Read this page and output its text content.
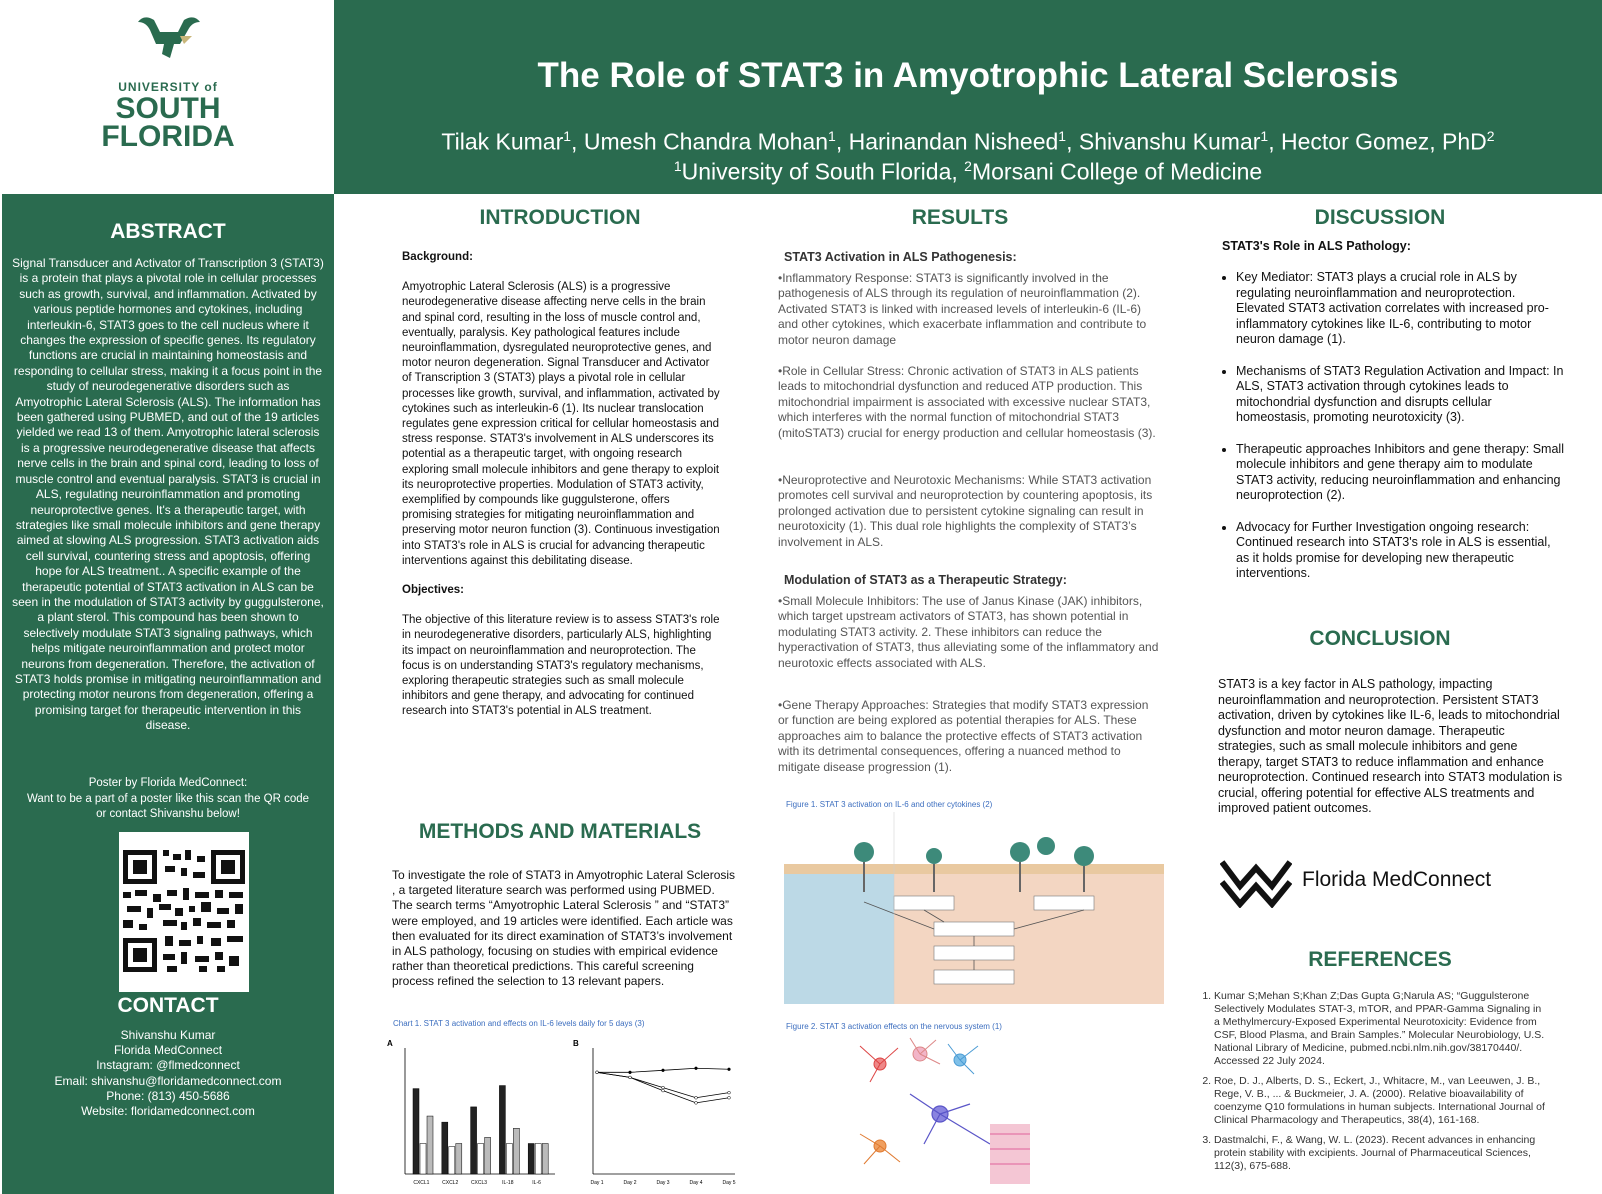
UNIVERSITY of
SOUTH
FLORIDA
The Role of STAT3 in Amyotrophic Lateral Sclerosis
Tilak Kumar$^1$, Umesh Chandra Mohan$^1$, Harinandan Nisheed$^1$, Shivanshu Kumar$^1$, Hector Gomez, PhD$^2$
$^1$University of South Florida, $^2$Morsani College of Medicine
ABSTRACT
Signal Transducer and Activator of Transcription 3 (STAT3) is a protein that plays a pivotal role in cellular processes such as growth, survival, and inflammation. Activated by various peptide hormones and cytokines, including interleukin-6, STAT3 goes to the cell nucleus where it changes the expression of specific genes. Its regulatory functions are crucial in maintaining homeostasis and responding to cellular stress, making it a focus point in the study of neurodegenerative disorders such as Amyotrophic Lateral Sclerosis (ALS). The information has been gathered using PUBMED, and out of the 19 articles yielded we read 13 of them. Amyotrophic lateral sclerosis is a progressive neurodegenerative disease that affects nerve cells in the brain and spinal cord, leading to loss of muscle control and eventual paralysis. STAT3 is crucial in ALS, regulating neuroinflammation and promoting neuroprotective genes. It's a therapeutic target, with strategies like small molecule inhibitors and gene therapy aimed at slowing ALS progression. STAT3 activation aids cell survival, countering stress and apoptosis, offering hope for ALS treatment.. A specific example of the therapeutic potential of STAT3 activation in ALS can be seen in the modulation of STAT3 activity by guggulsterone, a plant sterol. This compound has been shown to selectively modulate STAT3 signaling pathways, which helps mitigate neuroinflammation and protect motor neurons from degeneration. Therefore, the activation of STAT3 holds promise in mitigating neuroinflammation and protecting motor neurons from degeneration, offering a promising target for therapeutic intervention in this disease.
Poster by Florida MedConnect:
Want to be a part of a poster like this scan the QR code or contact Shivanshu below!
CONTACT
Shivanshu Kumar
Florida MedConnect
Instagram: @flmedconnect
Email: shivanshu@floridamedconnect.com
Phone: (813) 450-5686
Website: floridamedconnect.com
INTRODUCTION
Background:
Amyotrophic Lateral Sclerosis (ALS) is a progressive neurodegenerative disease affecting nerve cells in the brain and spinal cord, resulting in the loss of muscle control and, eventually, paralysis. Key pathological features include neuroinflammation, dysregulated neuroprotective genes, and motor neuron degeneration. Signal Transducer and Activator of Transcription 3 (STAT3) plays a pivotal role in cellular processes like growth, survival, and inflammation, activated by cytokines such as interleukin-6 (1). Its nuclear translocation regulates gene expression critical for cellular homeostasis and stress response. STAT3's involvement in ALS underscores its potential as a therapeutic target, with ongoing research exploring small molecule inhibitors and gene therapy to exploit its neuroprotective properties. Modulation of STAT3 activity, exemplified by compounds like guggulsterone, offers promising strategies for mitigating neuroinflammation and preserving motor neuron function (3). Continuous investigation into STAT3's role in ALS is crucial for advancing therapeutic interventions against this debilitating disease.
Objectives:
The objective of this literature review is to assess STAT3's role in neurodegenerative disorders, particularly ALS, highlighting its impact on neuroinflammation and neuroprotection. The focus is on understanding STAT3's regulatory mechanisms, exploring therapeutic strategies such as small molecule inhibitors and gene therapy, and advocating for continued research into STAT3's potential in ALS treatment.
METHODS AND MATERIALS
To investigate the role of STAT3 in Amyotrophic Lateral Sclerosis , a targeted literature search was performed using PUBMED. The search terms “Amyotrophic Lateral Sclerosis ” and “STAT3” were employed, and 19 articles were identified. Each article was then evaluated for its direct examination of STAT3’s involvement in ALS pathology, focusing on studies with empirical evidence rather than theoretical predictions. This careful screening process refined the selection to 13 relevant papers.
Chart 1. STAT 3 activation and effects on IL-6 levels daily for 5 days (3)
A	B
CXCL1	CXCL2	CXCL3	IL-18	IL-6	Day 1	Day 2	Day 3	Day 4	Day 5
RESULTS
STAT3 Activation in ALS Pathogenesis:
•Inflammatory Response: STAT3 is significantly involved in the pathogenesis of ALS through its regulation of neuroinflammation (2). Activated STAT3 is linked with increased levels of interleukin-6 (IL-6) and other cytokines, which exacerbate inflammation and contribute to motor neuron damage
•Role in Cellular Stress: Chronic activation of STAT3 in ALS patients leads to mitochondrial dysfunction and reduced ATP production. This mitochondrial impairment is associated with excessive nuclear STAT3, which interferes with the normal function of mitochondrial STAT3 (mitoSTAT3) crucial for energy production and cellular homeostasis (3).
•Neuroprotective and Neurotoxic Mechanisms: While STAT3 activation promotes cell survival and neuroprotection by countering apoptosis, its prolonged activation due to persistent cytokine signaling can result in neurotoxicity (1). This dual role highlights the complexity of STAT3’s involvement in ALS.
Modulation of STAT3 as a Therapeutic Strategy:
•Small Molecule Inhibitors: The use of Janus Kinase (JAK) inhibitors, which target upstream activators of STAT3, has shown potential in modulating STAT3 activity. 2. These inhibitors can reduce the hyperactivation of STAT3, thus alleviating some of the inflammatory and neurotoxic effects associated with ALS.
•Gene Therapy Approaches: Strategies that modify STAT3 expression or function are being explored as potential therapies for ALS. These approaches aim to balance the protective effects of STAT3 activation with its detrimental consequences, offering a nuanced method to mitigate disease progression (1).
Figure 1. STAT 3 activation on IL-6 and other cytokines (2)
Figure 2. STAT 3 activation effects on the nervous system (1)
DISCUSSION
STAT3's Role in ALS Pathology:
• Key Mediator: STAT3 plays a crucial role in ALS by regulating neuroinflammation and neuroprotection. Elevated STAT3 activation correlates with increased pro-inflammatory cytokines like IL-6, contributing to motor neuron damage (1).
• Mechanisms of STAT3 Regulation Activation and Impact: In ALS, STAT3 activation through cytokines leads to mitochondrial dysfunction and disrupts cellular homeostasis, promoting neurotoxicity (3).
• Therapeutic approaches Inhibitors and gene therapy: Small molecule inhibitors and gene therapy aim to modulate STAT3 activity, reducing neuroinflammation and enhancing neuroprotection (2).
• Advocacy for Further Investigation ongoing research: Continued research into STAT3's role in ALS is essential, as it holds promise for developing new therapeutic interventions.
CONCLUSION
STAT3 is a key factor in ALS pathology, impacting neuroinflammation and neuroprotection. Persistent STAT3 activation, driven by cytokines like IL-6, leads to mitochondrial dysfunction and motor neuron damage. Therapeutic strategies, such as small molecule inhibitors and gene therapy, target STAT3 to reduce inflammation and enhance neuroprotection. Continued research into STAT3 modulation is crucial, offering potential for effective ALS treatments and improved patient outcomes.
Florida MedConnect
REFERENCES
1. Kumar S;Mehan S;Khan Z;Das Gupta G;Narula AS; “Guggulsterone Selectively Modulates STAT-3, mTOR, and PPAR-Gamma Signaling in a Methylmercury-Exposed Experimental Neurotoxicity: Evidence from CSF, Blood Plasma, and Brain Samples.” Molecular Neurobiology, U.S. National Library of Medicine, pubmed.ncbi.nlm.nih.gov/38170440/. Accessed 22 July 2024.
2. Roe, D. J., Alberts, D. S., Eckert, J., Whitacre, M., van Leeuwen, J. B., Rege, V. B., ... & Buckmeier, J. A. (2000). Relative bioavailability of coenzyme Q10 formulations in human subjects. International Journal of Clinical Pharmacology and Therapeutics, 38(4), 161-168.
3. Dastmalchi, F., & Wang, W. L. (2023). Recent advances in enhancing protein stability with excipients. Journal of Pharmaceutical Sciences, 112(3), 675-688.
